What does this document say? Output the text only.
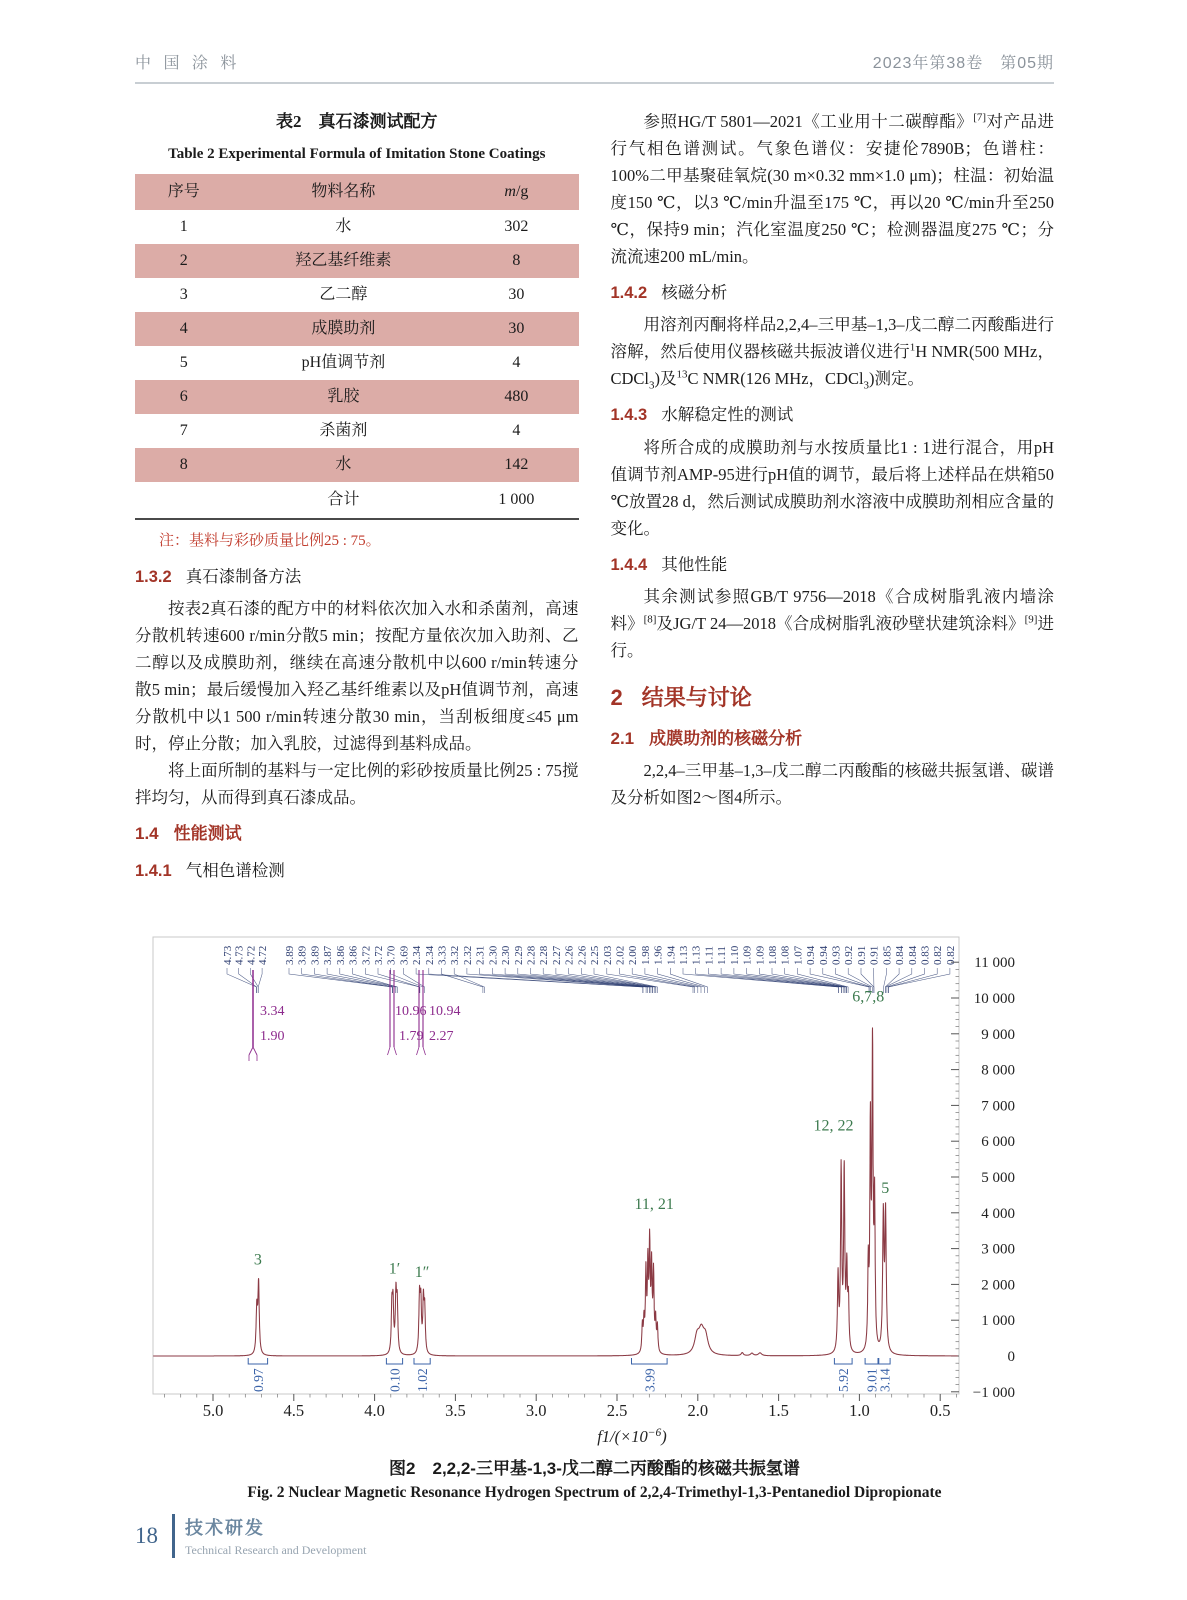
中 国 涂 料	2023年第38卷　第05期
表2　真石漆测试配方
Table 2 Experimental Formula of Imitation Stone Coatings
序号	物料名称	m/g
1	水	302
2	羟乙基纤维素	8
3	乙二醇	30
4	成膜助剂	30
5	pH值调节剂	4
6	乳胶	480
7	杀菌剂	4
8	水	142
	合计	1 000
注：基料与彩砂质量比例25 : 75。
1.3.2 真石漆制备方法

按表2真石漆的配方中的材料依次加入水和杀菌剂，高速分散机转速600 r/min分散5 min；按配方量依次加入助剂、乙二醇以及成膜助剂，继续在高速分散机中以600 r/min转速分散5 min；最后缓慢加入羟乙基纤维素以及pH值调节剂，高速分散机中以1 500 r/min转速分散30 min，当刮板细度≤45 μm时，停止分散；加入乳胶，过滤得到基料成品。

将上面所制的基料与一定比例的彩砂按质量比例25 : 75搅拌均匀，从而得到真石漆成品。

1.4 性能测试
1.4.1 气相色谱检测

参照HG/T 5801—2021《工业用十二碳醇酯》[7]对产品进行气相色谱测试。气象色谱仪：安捷伦7890B；色谱柱：100%二甲基聚硅氧烷(30 m×0.32 mm×1.0 μm)；柱温：初始温度150 ℃，以3 ℃/min升温至175 ℃，再以20 ℃/min升至250 ℃，保持9 min；汽化室温度250 ℃；检测器温度275 ℃；分流流速200 mL/min。

1.4.2 核磁分析

用溶剂丙酮将样品2,2,4–三甲基–1,3–戊二醇二丙酸酯进行溶解，然后使用仪器核磁共振波谱仪进行$^1$H NMR(500 MHz，CDCl$_3$)及$^{13}$C NMR(126 MHz，CDCl$_3$)测定。

1.4.3 水解稳定性的测试

将所合成的成膜助剂与水按质量比1 : 1进行混合，用pH值调节剂AMP-95进行pH值的调节，最后将上述样品在烘箱50 ℃放置28 d，然后测试成膜助剂水溶液中成膜助剂相应含量的变化。

1.4.4 其他性能

其余测试参照GB/T 9756—2018《合成树脂乳液内墙涂料》[8]及JG/T 24—2018《合成树脂乳液砂壁状建筑涂料》[9]进行。

2 结果与讨论
2.1 成膜助剂的核磁分析

2,2,4–三甲基–1,3–戊二醇二丙酸酯的核磁共振氢谱、碳谱及分析如图2～图4所示。

11 000
10 000
9 000
8 000
7 000
6 000
5 000
4 000
3 000
2 000
1 000
0
−1 000
0.5
1.0
1.5
2.0
2.5
3.0
3.5
4.0
4.5
5.0
$f1/(\times 10^{-6})$
4.73 4.73 4.72 4.72 3.89 3.89 3.89 3.87 3.86 3.86 3.72 3.72 3.70 3.69 2.34 2.34 3.33 3.32 2.32 2.31 2.30 2.30 2.29 2.28 2.28 2.27 2.26 2.26 2.25 2.03 2.02 2.00 1.98 1.96 1.94 1.13 1.13 1.11 1.11 1.10 1.09 1.09 1.08 1.08 1.07 0.94 0.94 0.93 0.92 0.91 0.91 0.85 0.84 0.84 0.83 0.82 0.82
3.34
1.90
10.96 10.94
1.79 2.27
3
1′ 1″
11, 21
12, 22
6,7,8
5
0.97	0.10 1.02	3.99	5.92 9.01
3.14
图2　2,2,2-三甲基-1,3-戊二醇二丙酸酯的核磁共振氢谱
Fig. 2 Nuclear Magnetic Resonance Hydrogen Spectrum of 2,2,4-Trimethyl-1,3-Pentanediol Dipropionate
18 技术研发
Technical Research and Development
